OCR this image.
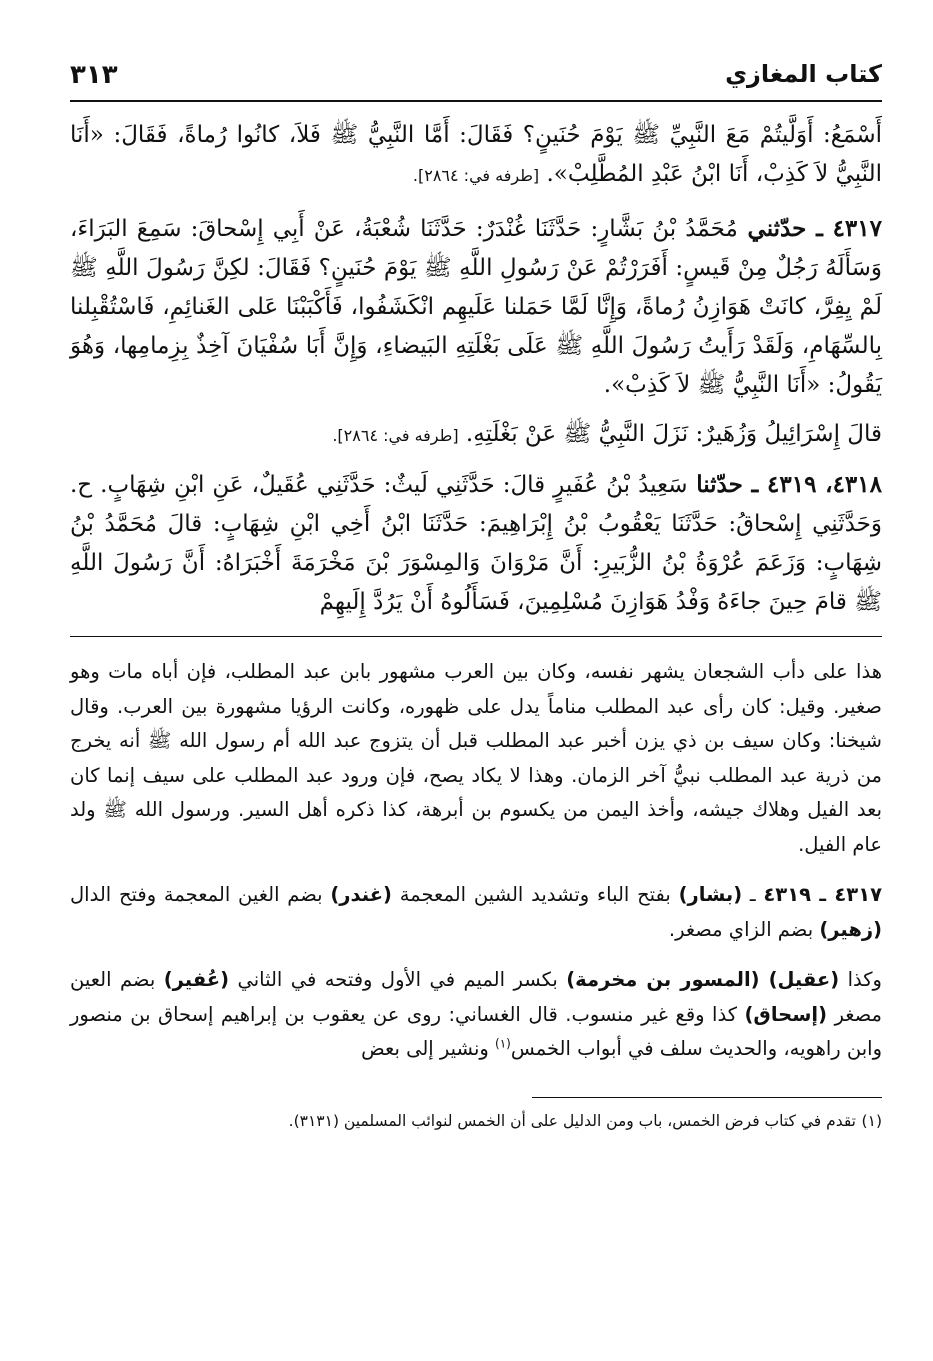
كتاب المغازي
٣١٣

أَسْمَعُ: أَوَلَّيتُمْ مَعَ النَّبِيِّ ﷺ يَوْمَ حُنَينٍ؟ فَقَالَ: أَمَّا النَّبِيُّ ﷺ فَلاَ، كانُوا رُماةً، فَقَالَ: «أَنَا النَّبِيُّ لاَ كَذِبْ، أَنَا ابْنُ عَبْدِ المُطَّلِبْ». [طرفه في: ٢٨٦٤].

٤٣١٧ ـ حدّثني مُحَمَّدُ بْنُ بَشَّارٍ: حَدَّثَنَا غُنْدَرٌ: حَدَّثَنَا شُعْبَةُ، عَنْ أَبِي إِسْحاقَ: سَمِعَ البَرَاءَ، وَسَأَلَهُ رَجُلٌ مِنْ قَيسٍ: أَفَرَرْتُمْ عَنْ رَسُولِ اللَّهِ ﷺ يَوْمَ حُنَينٍ؟ فَقَالَ: لكِنَّ رَسُولَ اللَّهِ ﷺ لَمْ يِفِرَّ، كانَتْ هَوَازِنُ رُماةً، وَإِنَّا لَمَّا حَمَلنا عَلَيهِم انْكَشَفُوا، فَأَكْبَبْنَا عَلى الغَنائِمِ، فَاسْتُقْبِلنا بِالسِّهَامِ، وَلَقَدْ رَأَيتُ رَسُولَ اللَّهِ ﷺ عَلَى بَغْلَتِهِ البَيضاءِ، وَإِنَّ أَبَا سُفْيَانَ آخِذٌ بِزِمامِها، وَهُوَ يَقُولُ: «أَنَا النَّبِيُّ ﷺ لاَ كَذِبْ».

قالَ إِسْرَائِيلُ وَزُهَيرٌ: نَزَلَ النَّبِيُّ ﷺ عَنْ بَغْلَتِهِ. [طرفه في: ٢٨٦٤].

٤٣١٨، ٤٣١٩ ـ حدّثنا سَعِيدُ بْنُ عُفَيرٍ قالَ: حَدَّثَنِي لَيثٌ: حَدَّثَنِي عُقَيلٌ، عَنِ ابْنِ شِهَابٍ. ح. وَحَدَّثَنِي إِسْحاقُ: حَدَّثَنَا يَعْقُوبُ بْنُ إِبْرَاهِيمَ: حَدَّثَنَا ابْنُ أَخِي ابْنِ شِهَابٍ: قالَ مُحَمَّدُ بْنُ شِهَابٍ: وَزَعَمَ عُرْوَةُ بْنُ الزُّبَيرِ: أَنَّ مَرْوَانَ وَالمِسْوَرَ بْنَ مَخْرَمَةَ أَخْبَرَاهُ: أَنَّ رَسُولَ اللَّهِ ﷺ قامَ حِينَ جاءَهُ وَفْدُ هَوَازِنَ مُسْلِمِينَ، فَسَأَلُوهُ أَنْ يَرُدَّ إِلَيهِمْ

هذا على دأب الشجعان يشهر نفسه، وكان بين العرب مشهور بابن عبد المطلب، فإن أباه مات وهو صغير. وقيل: كان رأى عبد المطلب مناماً يدل على ظهوره، وكانت الرؤيا مشهورة بين العرب. وقال شيخنا: وكان سيف بن ذي يزن أخبر عبد المطلب قبل أن يتزوج عبد الله أم رسول الله ﷺ أنه يخرج من ذرية عبد المطلب نبيُّ آخر الزمان. وهذا لا يكاد يصح، فإن ورود عبد المطلب على سيف إنما كان بعد الفيل وهلاك جيشه، وأخذ اليمن من يكسوم بن أبرهة، كذا ذكره أهل السير. ورسول الله ﷺ ولد عام الفيل.

٤٣١٧ ـ ٤٣١٩ ـ (بشار) بفتح الباء وتشديد الشين المعجمة (غندر) بضم الغين المعجمة وفتح الدال (زهير) بضم الزاي مصغر.

وكذا (عقيل) (المسور بن مخرمة) بكسر الميم في الأول وفتحه في الثاني (عُفير) بضم العين مصغر (إسحاق) كذا وقع غير منسوب. قال الغساني: روى عن يعقوب بن إبراهيم إسحاق بن منصور وابن راهويه، والحديث سلف في أبواب الخمس$^{(١)}$ ونشير إلى بعض

(١)تقدم في كتاب فرض الخمس، باب ومن الدليل على أن الخمس لنوائب المسلمين (٣١٣١).
